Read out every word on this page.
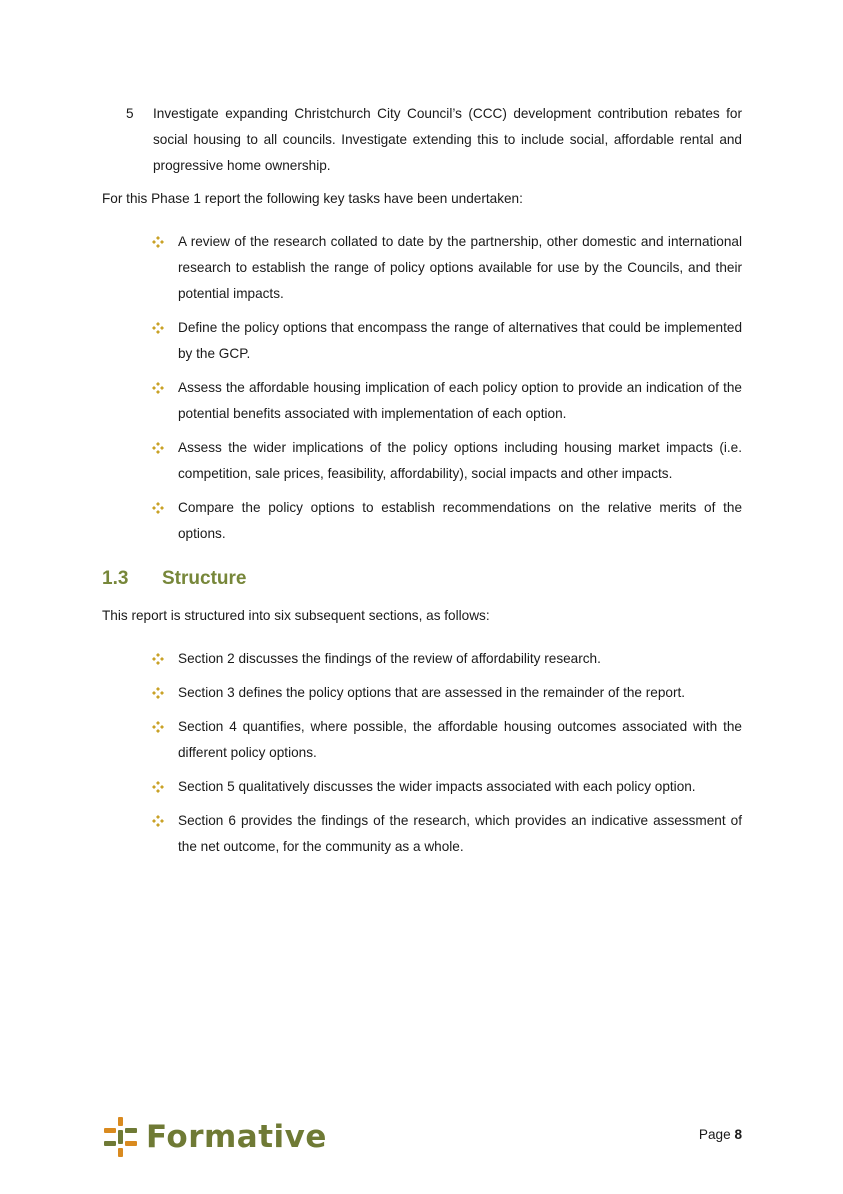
5 Investigate expanding Christchurch City Council’s (CCC) development contribution rebates for social housing to all councils. Investigate extending this to include social, affordable rental and progressive home ownership.

For this Phase 1 report the following key tasks have been undertaken:

A review of the research collated to date by the partnership, other domestic and international research to establish the range of policy options available for use by the Councils, and their potential impacts.
Define the policy options that encompass the range of alternatives that could be implemented by the GCP.
Assess the affordable housing implication of each policy option to provide an indication of the potential benefits associated with implementation of each option.
Assess the wider implications of the policy options including housing market impacts (i.e. competition, sale prices, feasibility, affordability), social impacts and other impacts.
Compare the policy options to establish recommendations on the relative merits of the options.
1.3 Structure

This report is structured into six subsequent sections, as follows:

Section 2 discusses the findings of the review of affordability research.
Section 3 defines the policy options that are assessed in the remainder of the report.
Section 4 quantifies, where possible, the affordable housing outcomes associated with the different policy options.
Section 5 qualitatively discusses the wider impacts associated with each policy option.
Section 6 provides the findings of the research, which provides an indicative assessment of the net outcome, for the community as a whole.
Formative	Page 8
